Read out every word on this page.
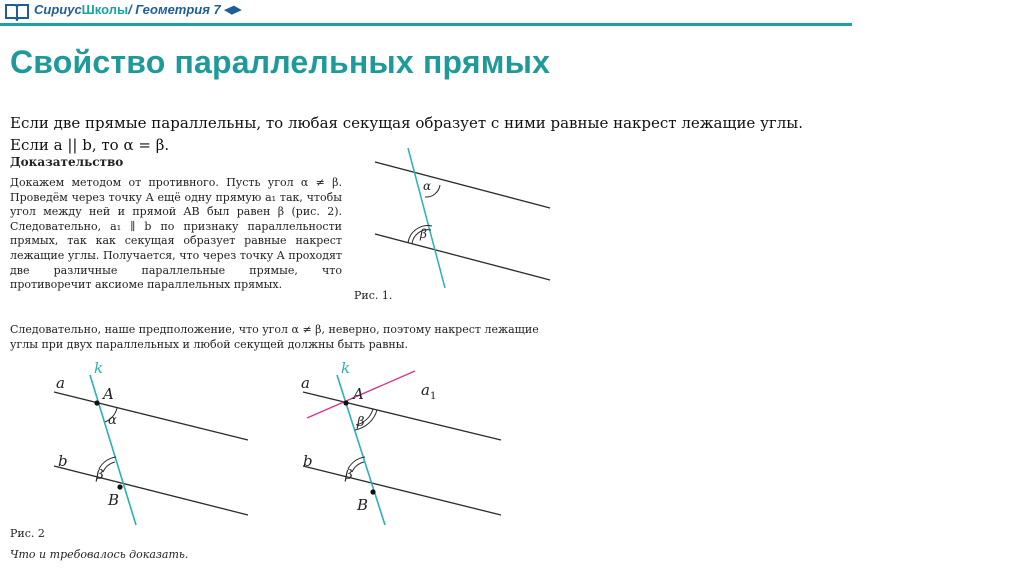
СириусШколы/ Геометрия 7 ◀▶
Свойство параллельных прямых
Если две прямые параллельны, то любая секущая образует с ними равные накрест лежащие углы.
Если a || b, то α = β.
Доказательство
Докажем методом от противного. Пусть угол α ≠ β. Проведём через точку A ещё одну прямую a₁ так, чтобы угол между ней и прямой AB был равен β (рис. 2). Следовательно, a₁ ∥ b по признаку параллельности прямых, так как секущая образует равные накрест лежащие углы. Получается, что через точку A проходят две различные параллельные прямые, что противоречит аксиоме параллельных прямых.
α
β
Рис. 1.
Следовательно, наше предположение, что угол α ≠ β, неверно, поэтому накрест лежащие углы при двух параллельных и любой секущей должны быть равны.
a
b
k
A
B
α
β
a
b
k
A
B
$a_1$
β
β
Рис. 2
Что и требовалось доказать.
